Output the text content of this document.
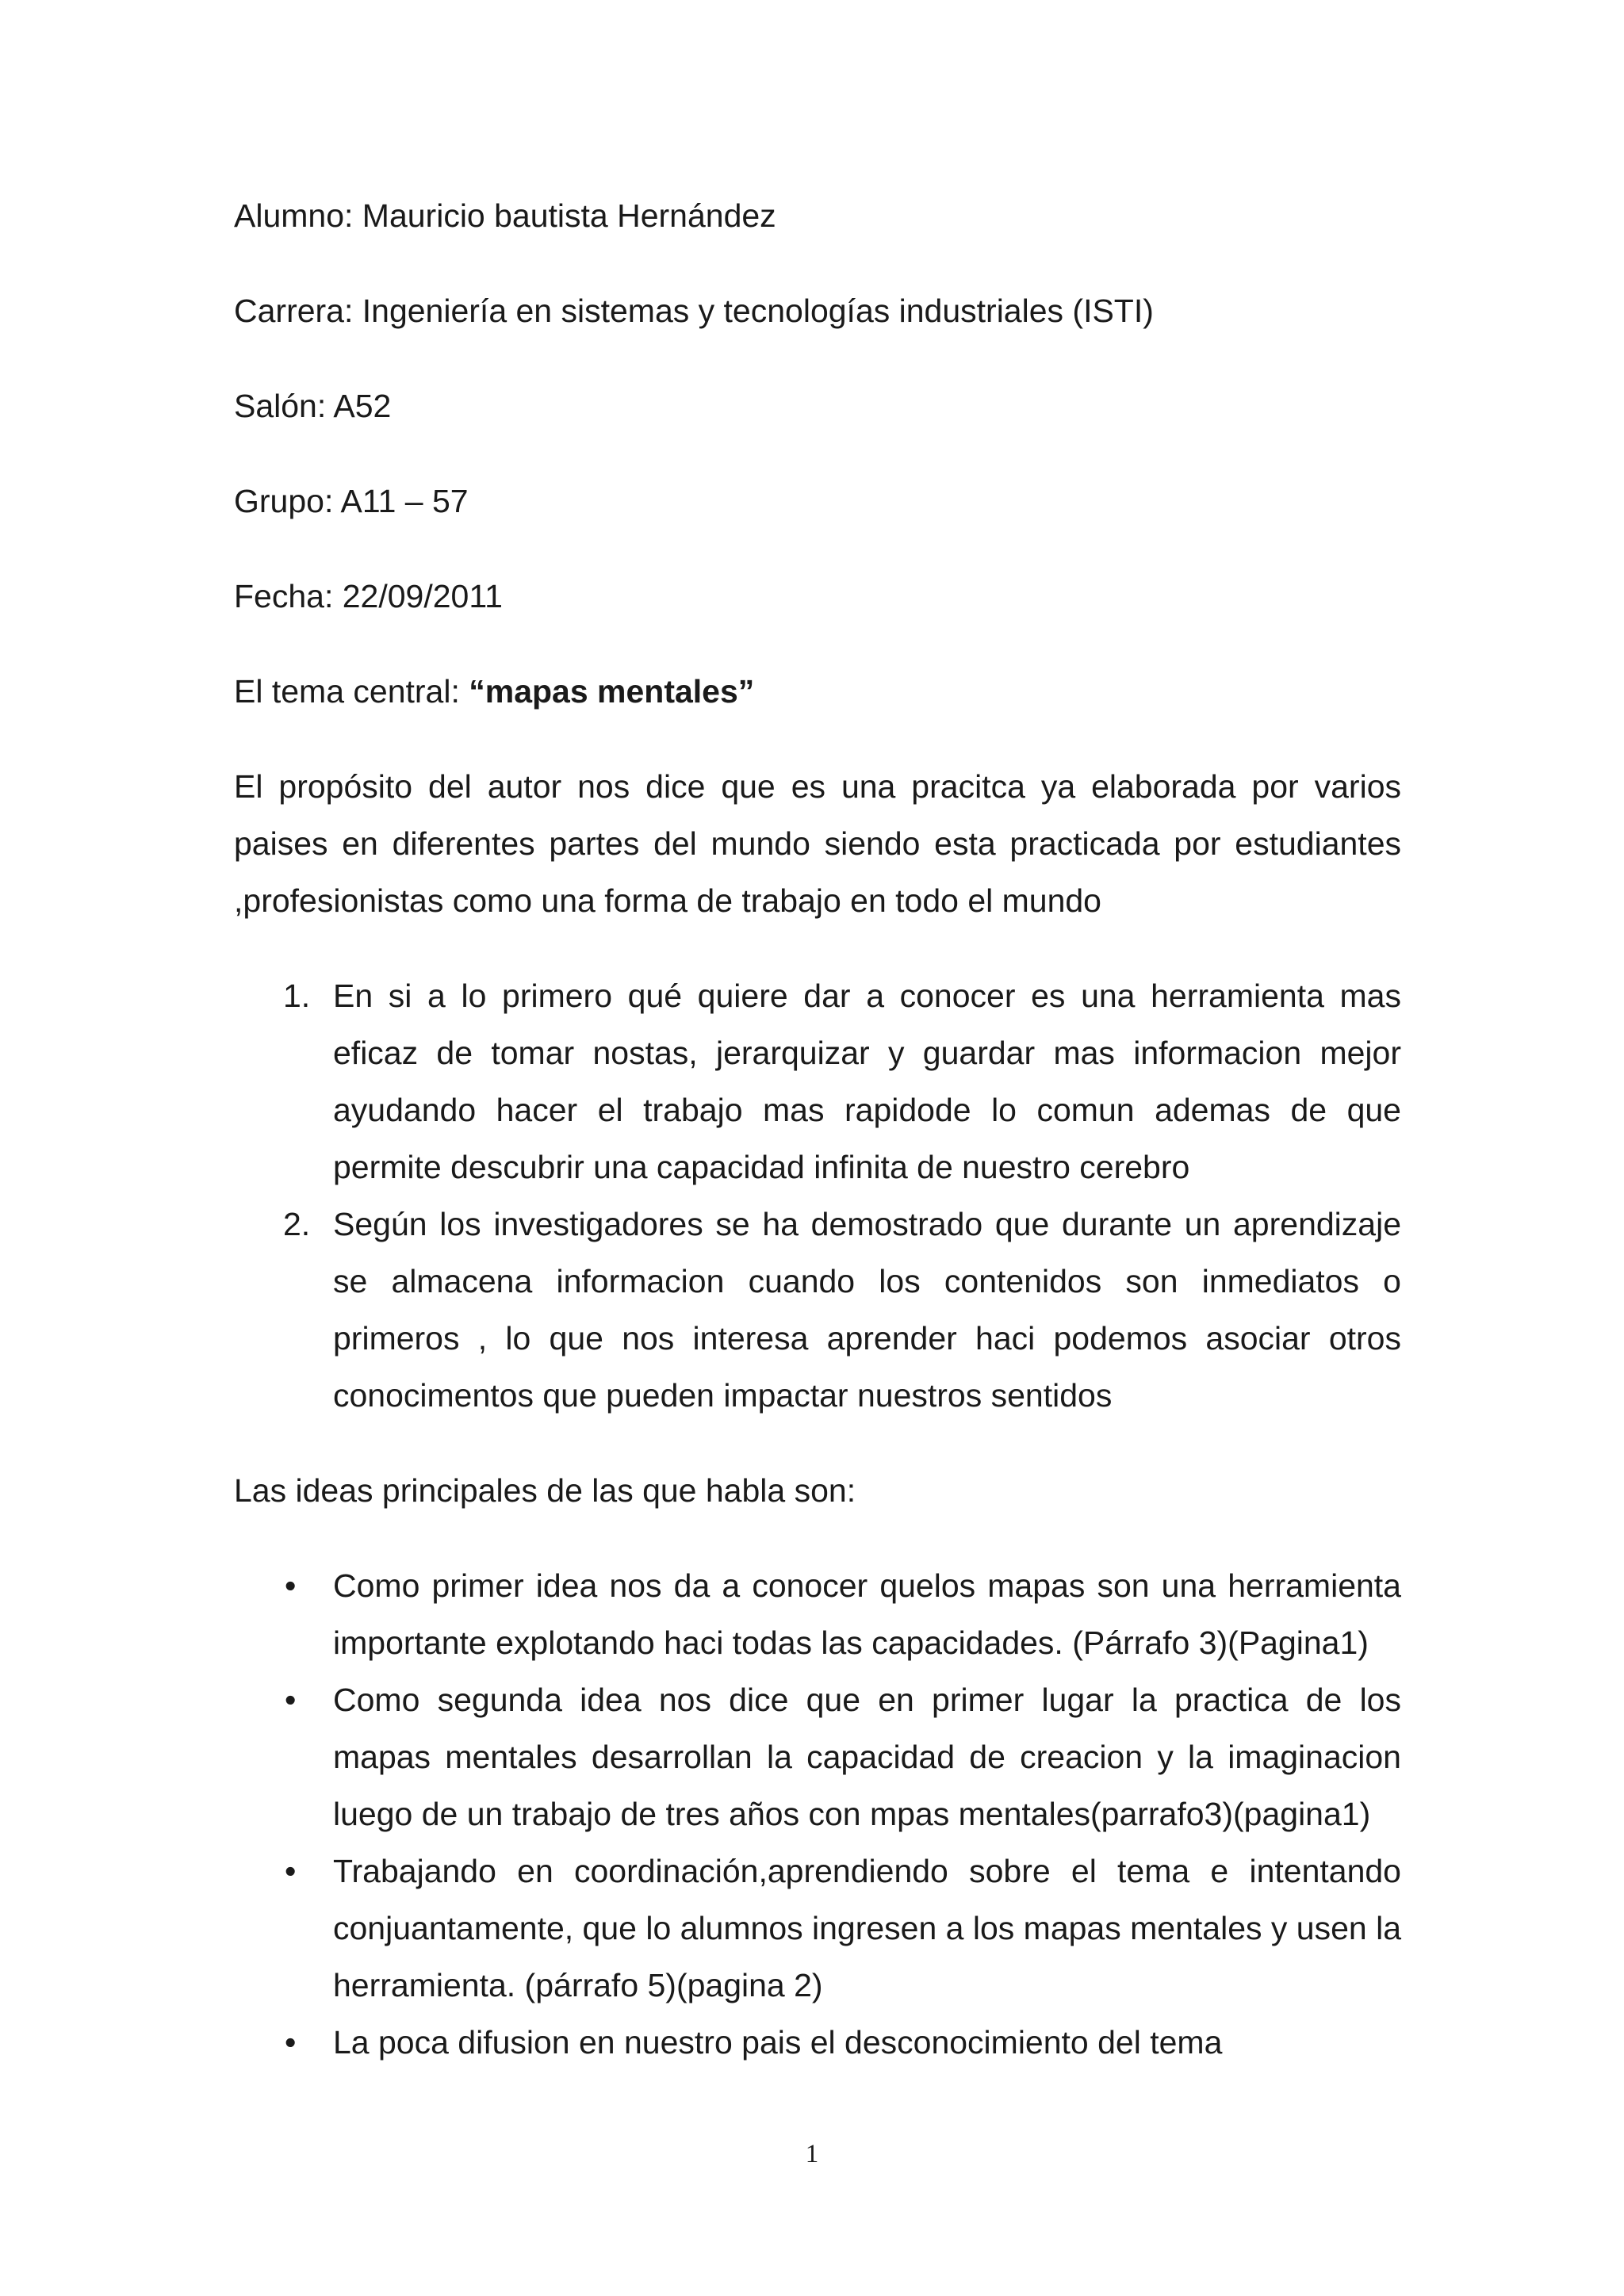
Alumno: Mauricio bautista Hernández
Carrera: Ingeniería en sistemas y tecnologías industriales (ISTI)
Salón: A52
Grupo: A11 – 57
Fecha: 22/09/2011
El tema central: “mapas mentales”
El propósito del autor nos dice que es una pracitca ya elaborada por varios paises en diferentes partes del mundo siendo esta practicada por estudiantes ,profesionistas como una forma de trabajo en todo el mundo
1. En si a lo primero qué quiere dar a conocer es una herramienta mas eficaz de tomar nostas, jerarquizar y guardar mas informacion mejor ayudando hacer el trabajo mas rapidode lo comun ademas de que permite descubrir una capacidad infinita de nuestro cerebro
2. Según los investigadores se ha demostrado que durante un aprendizaje se almacena informacion cuando los contenidos son inmediatos o primeros , lo que nos interesa aprender haci podemos asociar otros conocimentos que pueden impactar nuestros sentidos
Las ideas principales de las que habla son:
• Como primer idea nos da a conocer quelos mapas son una herramienta importante explotando haci todas las capacidades. (Párrafo 3)(Pagina1)
• Como segunda idea nos dice que en primer lugar la practica de los mapas mentales desarrollan la capacidad de creacion y la imaginacion luego de un trabajo de tres años con mpas mentales(parrafo3)(pagina1)
• Trabajando en coordinación,aprendiendo sobre el tema e intentando conjuantamente, que lo alumnos ingresen a los mapas mentales y usen la herramienta. (párrafo 5)(pagina 2)
• La poca difusion en nuestro pais el desconocimiento del tema
1
